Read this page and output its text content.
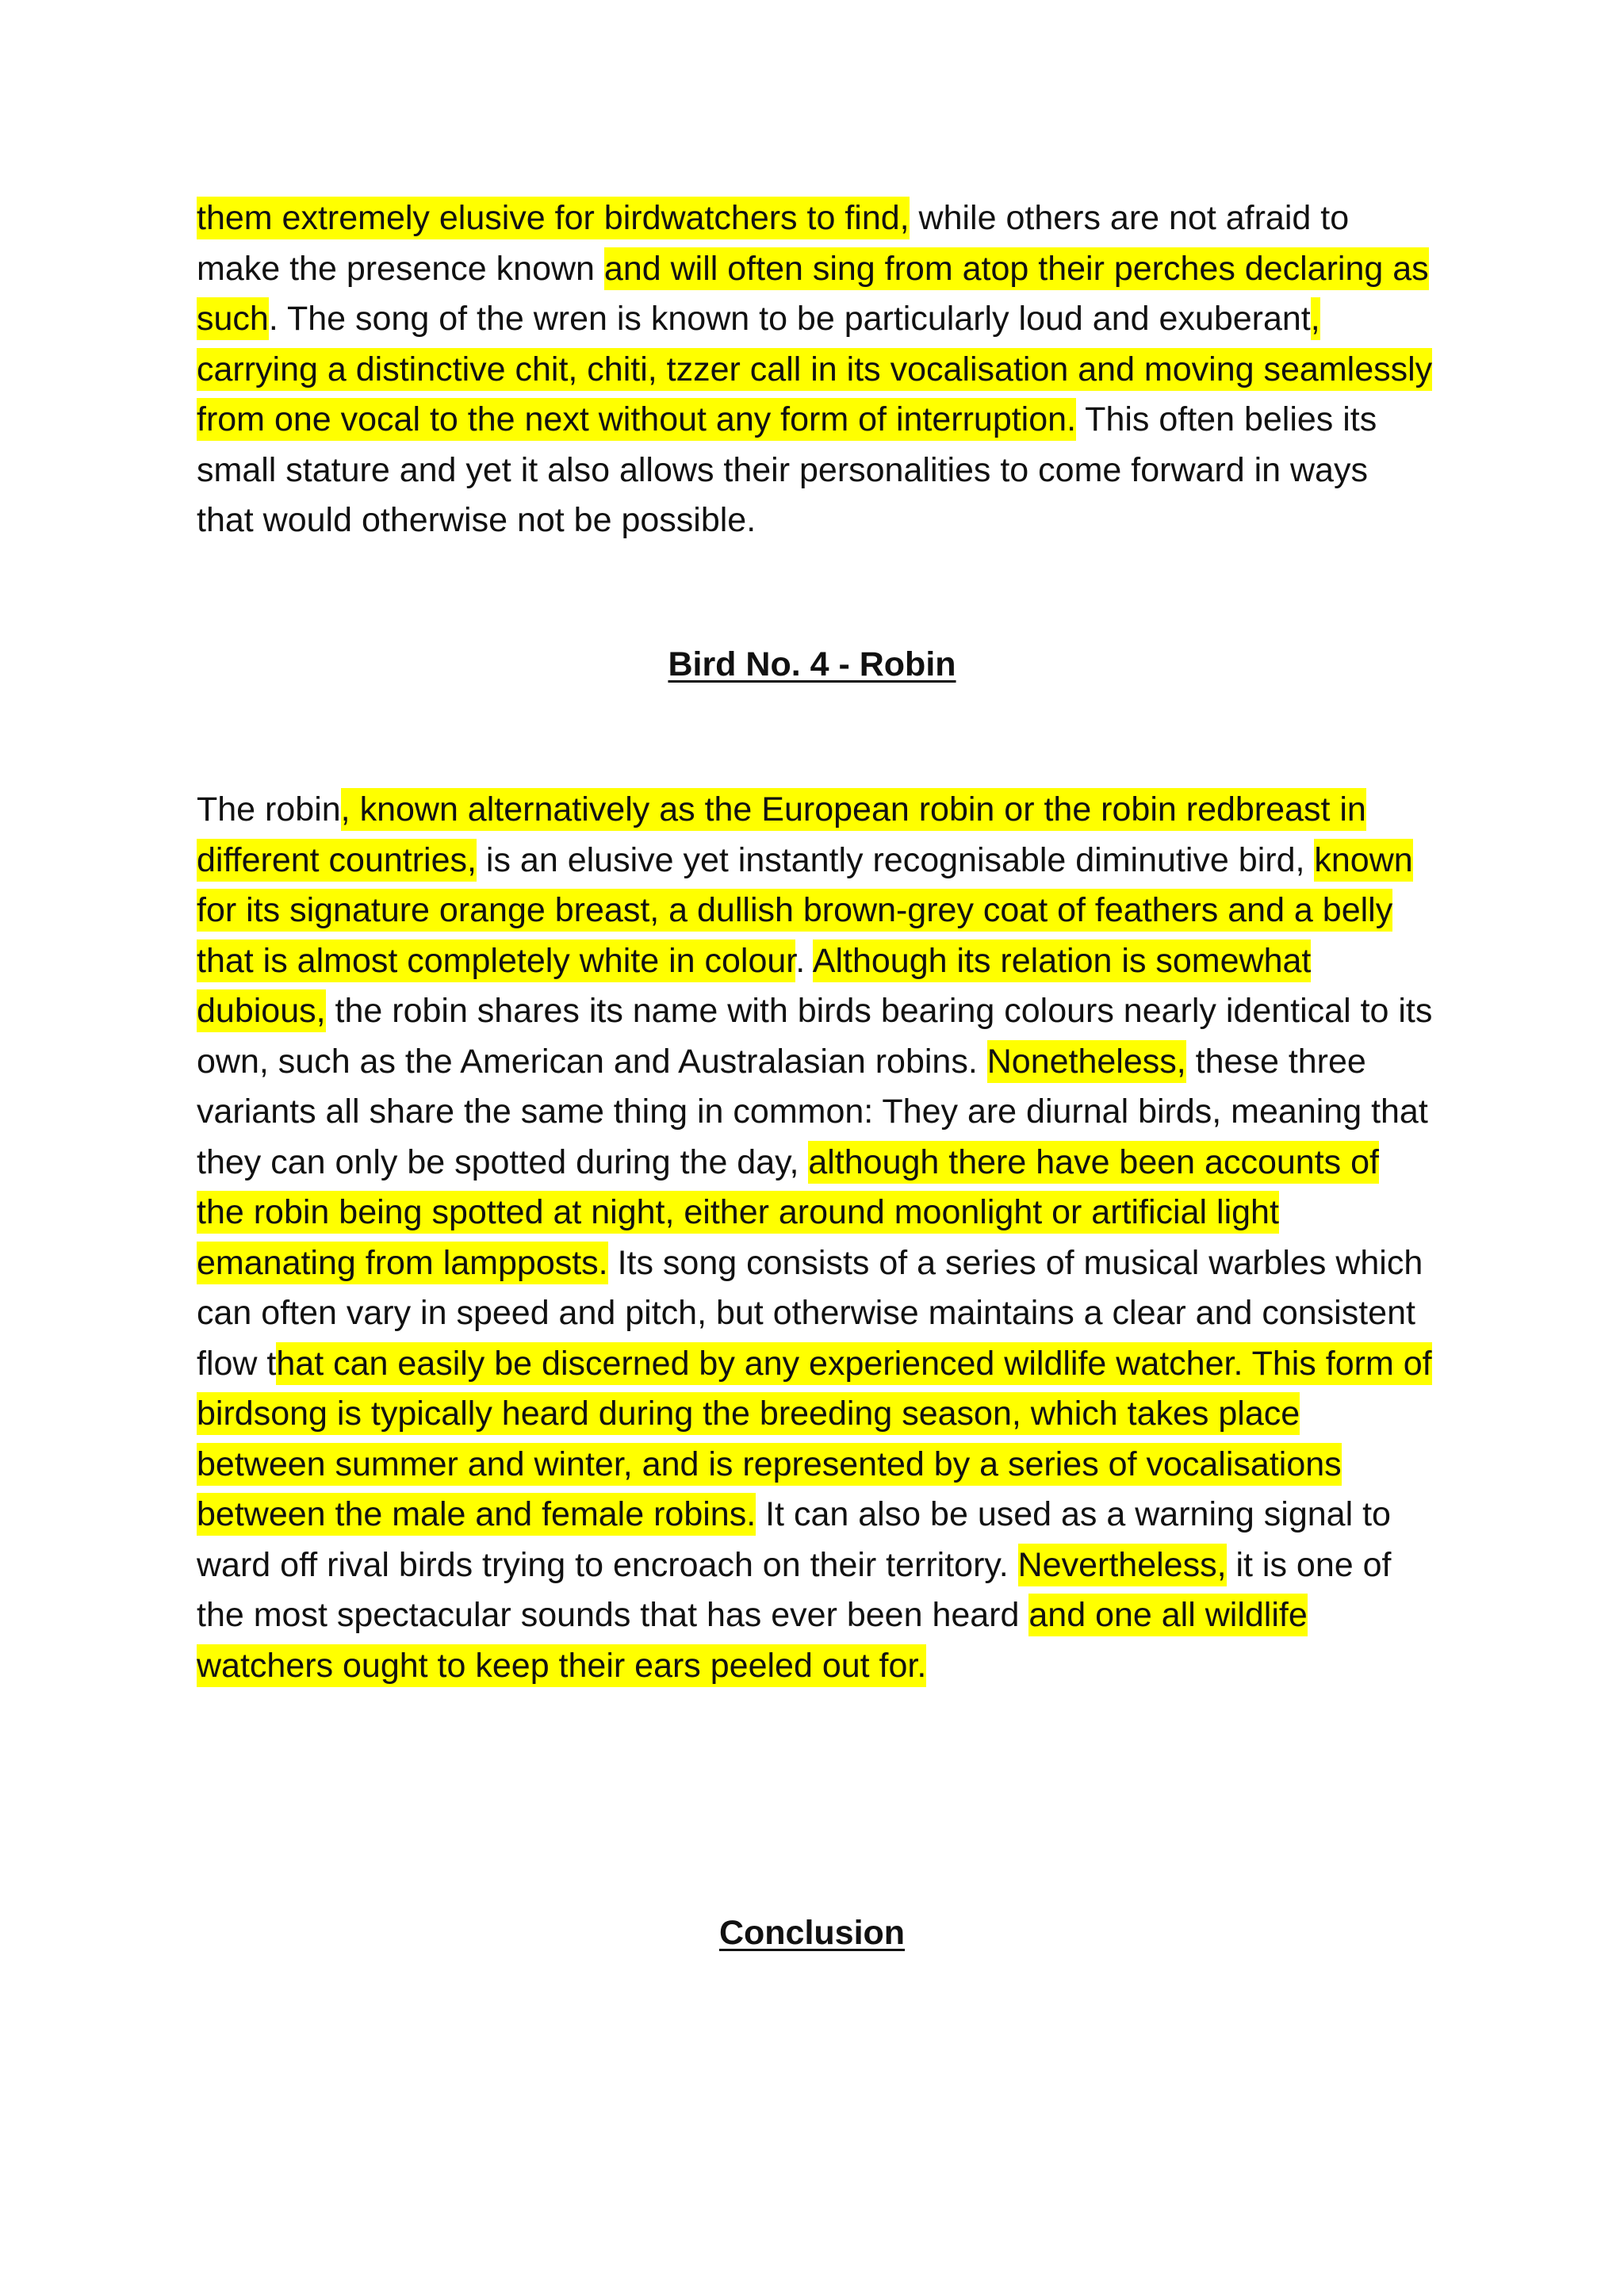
them extremely elusive for birdwatchers to find, while others are not afraid to make the presence known and will often sing from atop their perches declaring as such. The song of the wren is known to be particularly loud and exuberant, carrying a distinctive chit, chiti, tzzer call in its vocalisation and moving seamlessly from one vocal to the next without any form of interruption. This often belies its small stature and yet it also allows their personalities to come forward in ways that would otherwise not be possible.
Bird No. 4 - Robin
The robin, known alternatively as the European robin or the robin redbreast in different countries, is an elusive yet instantly recognisable diminutive bird, known for its signature orange breast, a dullish brown-grey coat of feathers and a belly that is almost completely white in colour. Although its relation is somewhat dubious, the robin shares its name with birds bearing colours nearly identical to its own, such as the American and Australasian robins. Nonetheless, these three variants all share the same thing in common: They are diurnal birds, meaning that they can only be spotted during the day, although there have been accounts of the robin being spotted at night, either around moonlight or artificial light emanating from lampposts. Its song consists of a series of musical warbles which can often vary in speed and pitch, but otherwise maintains a clear and consistent flow that can easily be discerned by any experienced wildlife watcher. This form of birdsong is typically heard during the breeding season, which takes place between summer and winter, and is represented by a series of vocalisations between the male and female robins. It can also be used as a warning signal to ward off rival birds trying to encroach on their territory. Nevertheless, it is one of the most spectacular sounds that has ever been heard and one all wildlife watchers ought to keep their ears peeled out for.
Conclusion
